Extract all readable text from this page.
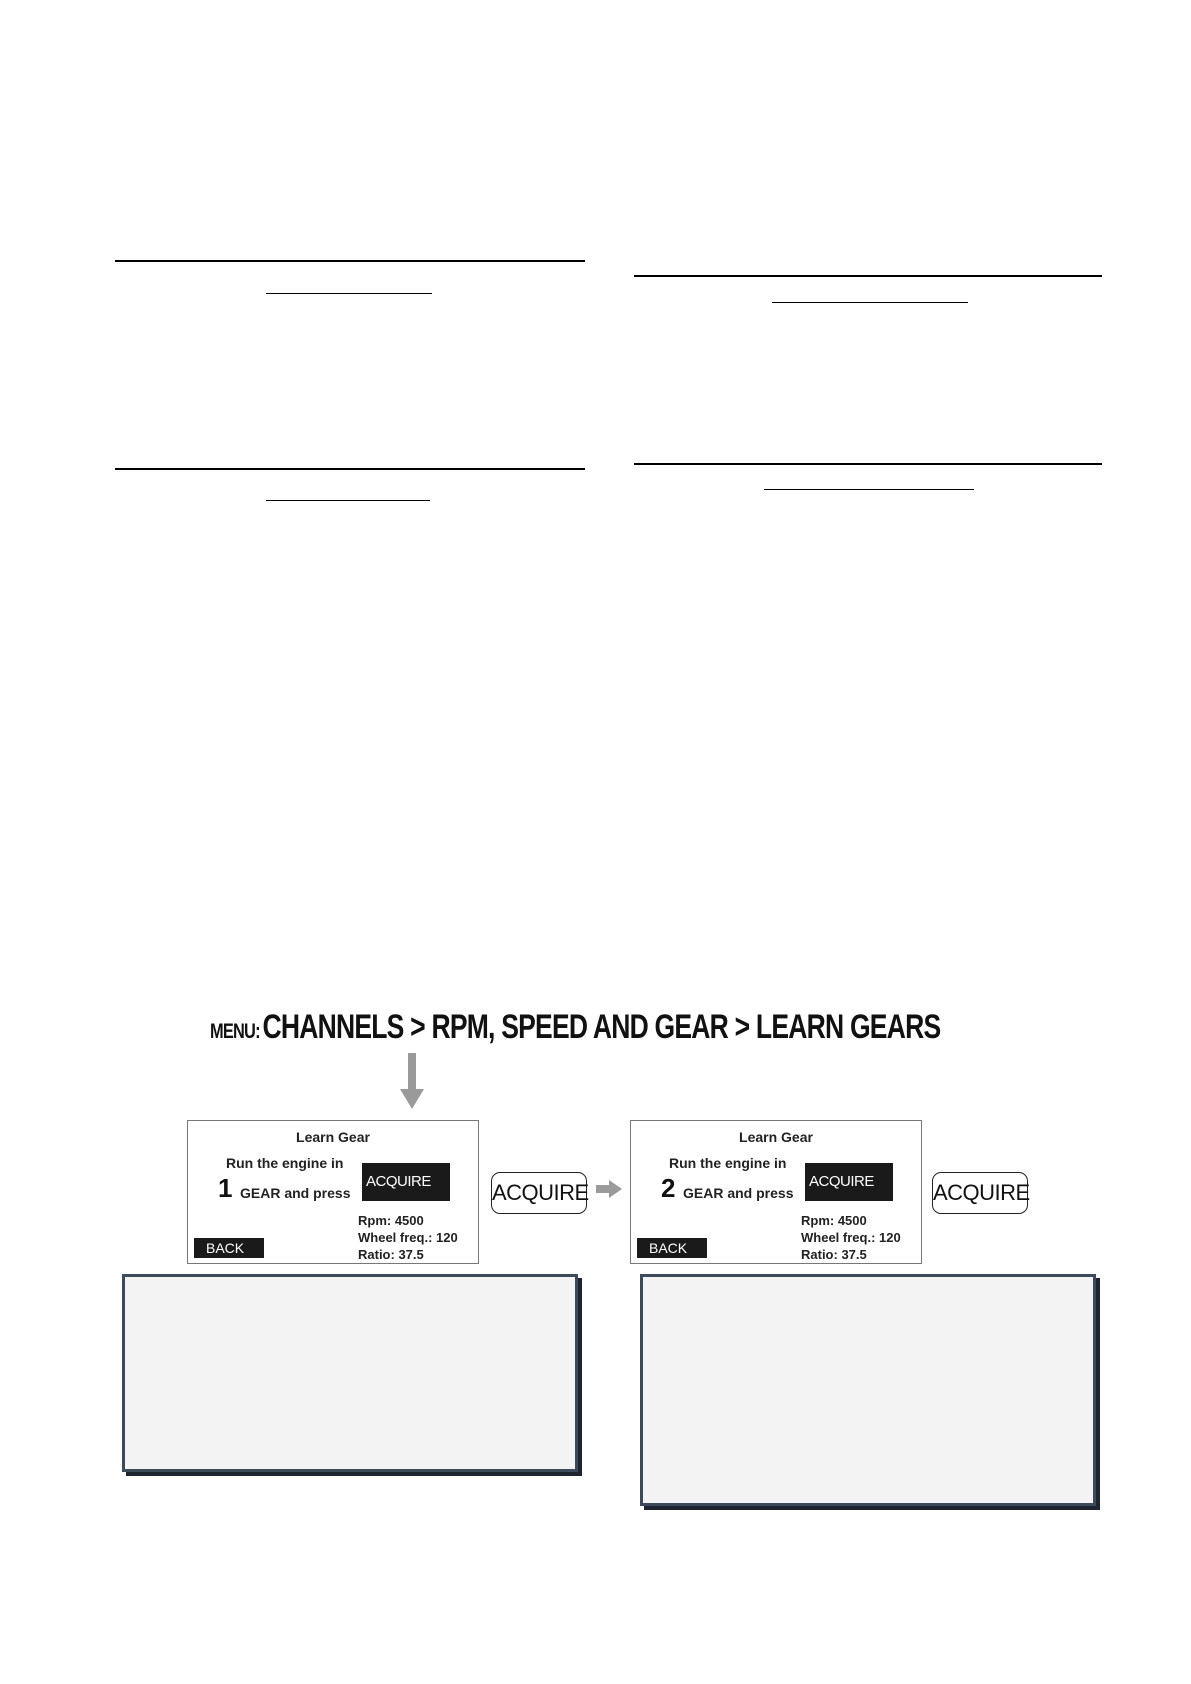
MENU: CHANNELS > RPM, SPEED AND GEAR > LEARN GEARS
Learn Gear
Run the engine in
1 GEAR and press
ACQUIRE
BACK
Rpm: 4500
Wheel freq.: 120
Ratio: 37.5
ACQUIRE
Learn Gear
Run the engine in
2 GEAR and press
ACQUIRE
BACK
Rpm: 4500
Wheel freq.: 120
Ratio: 37.5
ACQUIRE
